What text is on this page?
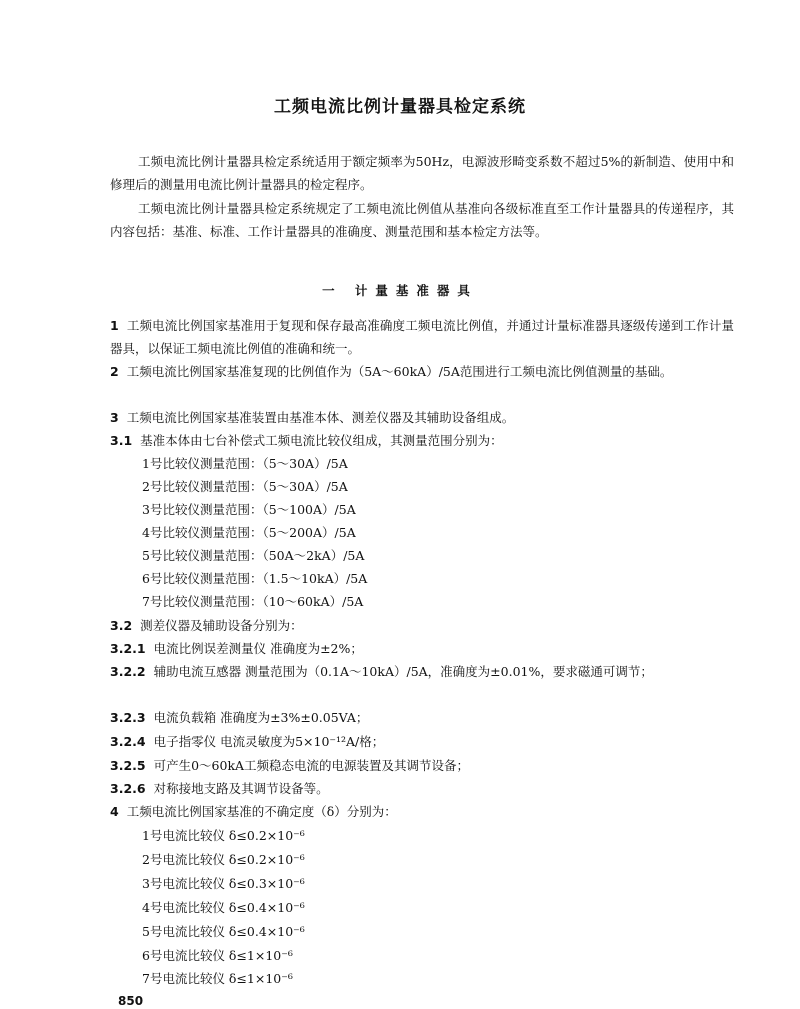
工频电流比例计量器具检定系统
工频电流比例计量器具检定系统适用于额定频率为50Hz，电源波形畸变系数不超过5%的新制造、使用中和修理后的测量用电流比例计量器具的检定程序。
工频电流比例计量器具检定系统规定了工频电流比例值从基准向各级标准直至工作计量器具的传递程序，其内容包括：基准、标准、工作计量器具的准确度、测量范围和基本检定方法等。
一 计量基准器具
1 工频电流比例国家基准用于复现和保存最高准确度工频电流比例值，并通过计量标准器具逐级传递到工作计量器具，以保证工频电流比例值的准确和统一。
2 工频电流比例国家基准复现的比例值作为（5A～60kA）/5A范围进行工频电流比例值测量的基础。
3 工频电流比例国家基准装置由基准本体、测差仪器及其辅助设备组成。
3.1 基准本体由七台补偿式工频电流比较仪组成，其测量范围分别为：
1号比较仪测量范围：（5～30A）/5A
2号比较仪测量范围：（5～30A）/5A
3号比较仪测量范围：（5～100A）/5A
4号比较仪测量范围：（5～200A）/5A
5号比较仪测量范围：（50A～2kA）/5A
6号比较仪测量范围：（1.5～10kA）/5A
7号比较仪测量范围：（10～60kA）/5A
3.2 测差仪器及辅助设备分别为：
3.2.1 电流比例误差测量仪 准确度为±2%；
3.2.2 辅助电流互感器 测量范围为（0.1A～10kA）/5A，准确度为±0.01%，要求磁通可调节；
3.2.3 电流负载箱 准确度为±3%±0.05VA；
3.2.4 电子指零仪 电流灵敏度为5×10⁻¹²A/格；
3.2.5 可产生0～60kA工频稳态电流的电源装置及其调节设备；
3.2.6 对称接地支路及其调节设备等。
4 工频电流比例国家基准的不确定度（δ）分别为：
1号电流比较仪 δ≤0.2×10⁻⁶
2号电流比较仪 δ≤0.2×10⁻⁶
3号电流比较仪 δ≤0.3×10⁻⁶
4号电流比较仪 δ≤0.4×10⁻⁶
5号电流比较仪 δ≤0.4×10⁻⁶
6号电流比较仪 δ≤1×10⁻⁶
7号电流比较仪 δ≤1×10⁻⁶
850
